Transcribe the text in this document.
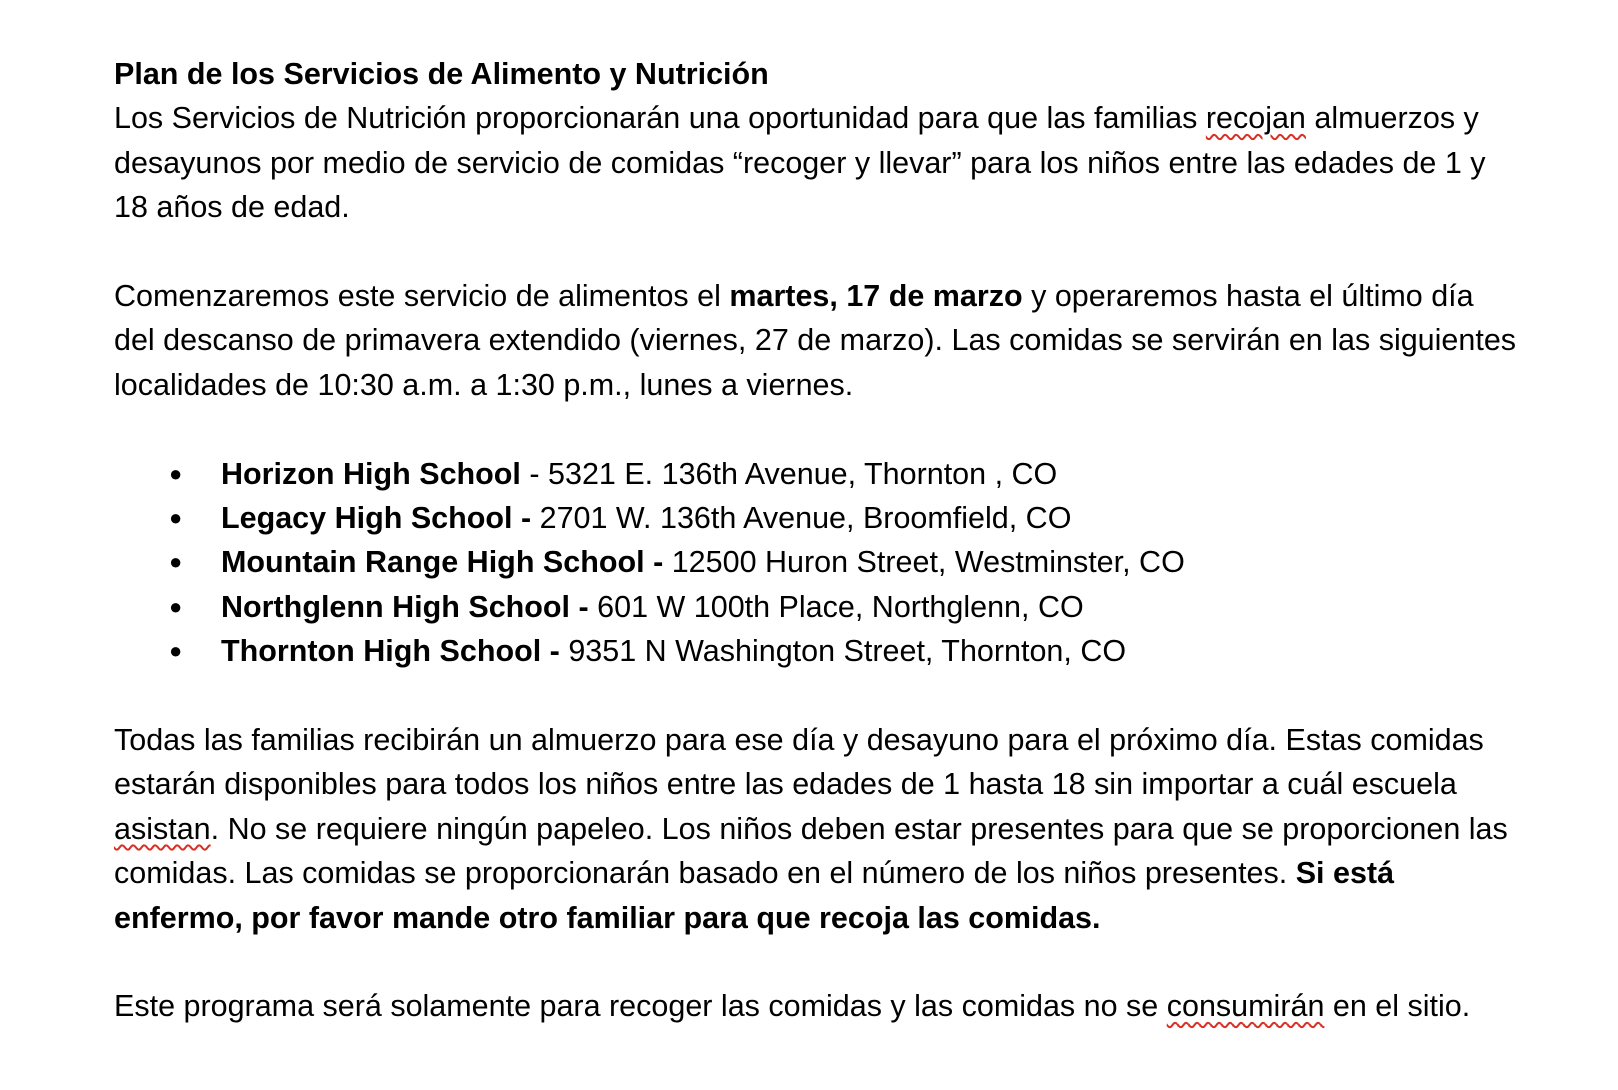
Plan de los Servicios de Alimento y Nutrición
Los Servicios de Nutrición proporcionarán una oportunidad para que las familias recojan almuerzos y desayunos por medio de servicio de comidas “recoger y llevar” para los niños entre las edades de 1 y 18 años de edad.

Comenzaremos este servicio de alimentos el martes, 17 de marzo y operaremos hasta el último día del descanso de primavera extendido (viernes, 27 de marzo). Las comidas se servirán en las siguientes localidades de 10:30 a.m. a 1:30 p.m., lunes a viernes.

● Horizon High School - 5321 E. 136th Avenue, Thornton , CO
● Legacy High School - 2701 W. 136th Avenue, Broomfield, CO
● Mountain Range High School - 12500 Huron Street, Westminster, CO
● Northglenn High School - 601 W 100th Place, Northglenn, CO
● Thornton High School - 9351 N Washington Street, Thornton, CO

Todas las familias recibirán un almuerzo para ese día y desayuno para el próximo día. Estas comidas estarán disponibles para todos los niños entre las edades de 1 hasta 18 sin importar a cuál escuela asistan. No se requiere ningún papeleo. Los niños deben estar presentes para que se proporcionen las comidas. Las comidas se proporcionarán basado en el número de los niños presentes. Si está enfermo, por favor mande otro familiar para que recoja las comidas.

Este programa será solamente para recoger las comidas y las comidas no se consumirán en el sitio.
